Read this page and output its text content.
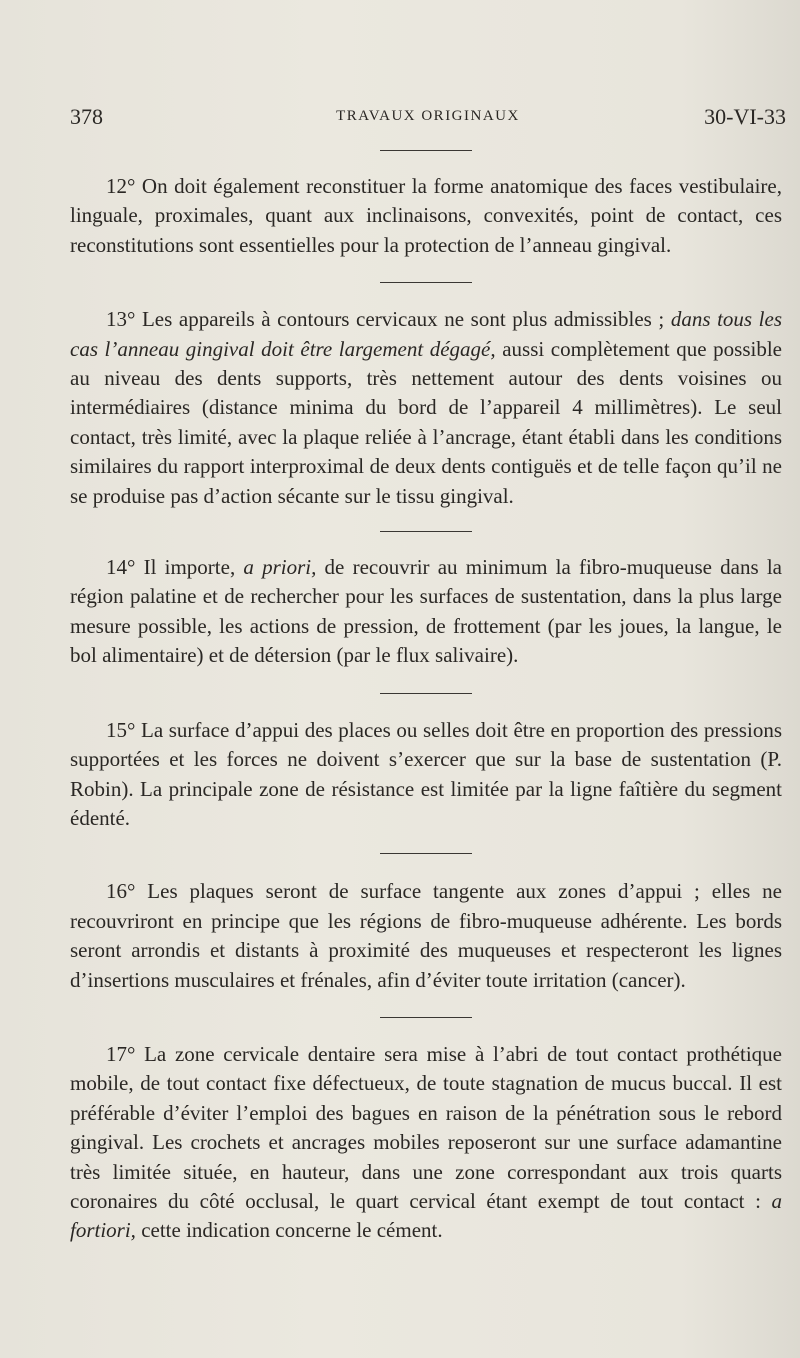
378	TRAVAUX ORIGINAUX	30-VI-33

12° On doit également reconstituer la forme anatomique des faces vestibulaire, linguale, proximales, quant aux inclinaisons, convexités, point de contact, ces reconstitutions sont essentielles pour la protection de l’anneau gingival.

13° Les appareils à contours cervicaux ne sont plus admissibles ; dans tous les cas l’anneau gingival doit être largement dégagé, aussi complètement que possible au niveau des dents supports, très nettement autour des dents voisines ou intermédiaires (distance minima du bord de l’appareil 4 millimètres). Le seul contact, très limité, avec la plaque reliée à l’ancrage, étant établi dans les conditions similaires du rapport interproximal de deux dents contiguës et de telle façon qu’il ne se produise pas d’action sécante sur le tissu gingival.

14° Il importe, a priori, de recouvrir au minimum la fibro-muqueuse dans la région palatine et de rechercher pour les surfaces de sustentation, dans la plus large mesure possible, les actions de pression, de frottement (par les joues, la langue, le bol alimentaire) et de détersion (par le flux salivaire).

15° La surface d’appui des places ou selles doit être en proportion des pressions supportées et les forces ne doivent s’exercer que sur la base de sustentation (P. Robin). La principale zone de résistance est limitée par la ligne faîtière du segment édenté.

16° Les plaques seront de surface tangente aux zones d’appui ; elles ne recouvriront en principe que les régions de fibro-muqueuse adhérente. Les bords seront arrondis et distants à proximité des muqueuses et respecteront les lignes d’insertions musculaires et frénales, afin d’éviter toute irritation (cancer).

17° La zone cervicale dentaire sera mise à l’abri de tout contact prothétique mobile, de tout contact fixe défectueux, de toute stagnation de mucus buccal. Il est préférable d’éviter l’emploi des bagues en raison de la pénétration sous le rebord gingival. Les crochets et ancrages mobiles reposeront sur une surface adamantine très limitée située, en hauteur, dans une zone correspondant aux trois quarts coronaires du côté occlusal, le quart cervical étant exempt de tout contact : a fortiori, cette indication concerne le cément.
